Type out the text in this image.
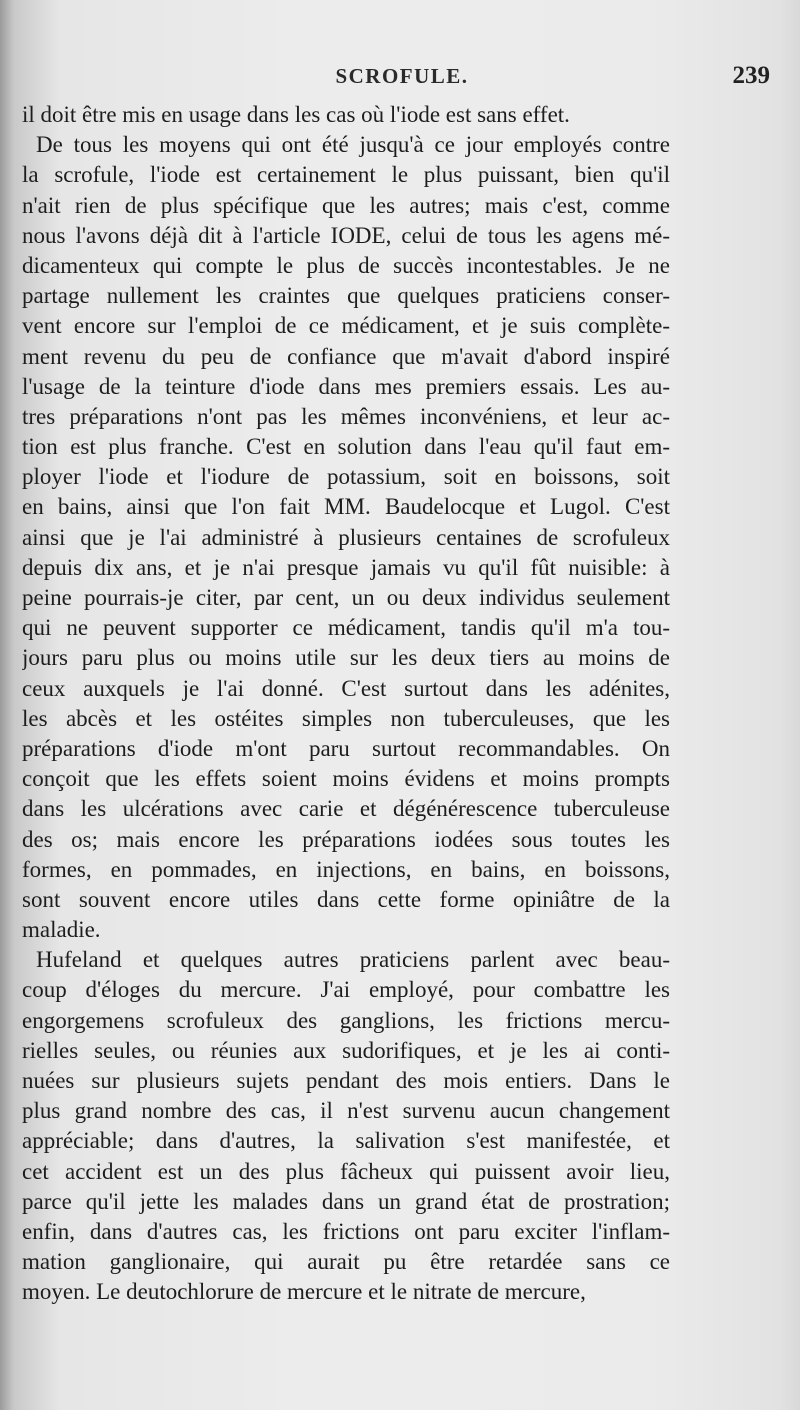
SCROFULE.	239
il doit être mis en usage dans les cas où l'iode est sans effet.
De tous les moyens qui ont été jusqu'à ce jour employés contre
la scrofule, l'iode est certainement le plus puissant, bien qu'il
n'ait rien de plus spécifique que les autres; mais c'est, comme
nous l'avons déjà dit à l'article IODE, celui de tous les agens mé-
dicamenteux qui compte le plus de succès incontestables. Je ne
partage nullement les craintes que quelques praticiens conser-
vent encore sur l'emploi de ce médicament, et je suis complète-
ment revenu du peu de confiance que m'avait d'abord inspiré
l'usage de la teinture d'iode dans mes premiers essais. Les au-
tres préparations n'ont pas les mêmes inconvéniens, et leur ac-
tion est plus franche. C'est en solution dans l'eau qu'il faut em-
ployer l'iode et l'iodure de potassium, soit en boissons, soit
en bains, ainsi que l'on fait MM. Baudelocque et Lugol. C'est
ainsi que je l'ai administré à plusieurs centaines de scrofuleux
depuis dix ans, et je n'ai presque jamais vu qu'il fût nuisible: à
peine pourrais-je citer, par cent, un ou deux individus seulement
qui ne peuvent supporter ce médicament, tandis qu'il m'a tou-
jours paru plus ou moins utile sur les deux tiers au moins de
ceux auxquels je l'ai donné. C'est surtout dans les adénites,
les abcès et les ostéites simples non tuberculeuses, que les
préparations d'iode m'ont paru surtout recommandables. On
conçoit que les effets soient moins évidens et moins prompts
dans les ulcérations avec carie et dégénérescence tuberculeuse
des os; mais encore les préparations iodées sous toutes les
formes, en pommades, en injections, en bains, en boissons,
sont souvent encore utiles dans cette forme opiniâtre de la
maladie.
Hufeland et quelques autres praticiens parlent avec beau-
coup d'éloges du mercure. J'ai employé, pour combattre les
engorgemens scrofuleux des ganglions, les frictions mercu-
rielles seules, ou réunies aux sudorifiques, et je les ai conti-
nuées sur plusieurs sujets pendant des mois entiers. Dans le
plus grand nombre des cas, il n'est survenu aucun changement
appréciable; dans d'autres, la salivation s'est manifestée, et
cet accident est un des plus fâcheux qui puissent avoir lieu,
parce qu'il jette les malades dans un grand état de prostration;
enfin, dans d'autres cas, les frictions ont paru exciter l'inflam-
mation ganglionaire, qui aurait pu être retardée sans ce
moyen. Le deutochlorure de mercure et le nitrate de mercure,
